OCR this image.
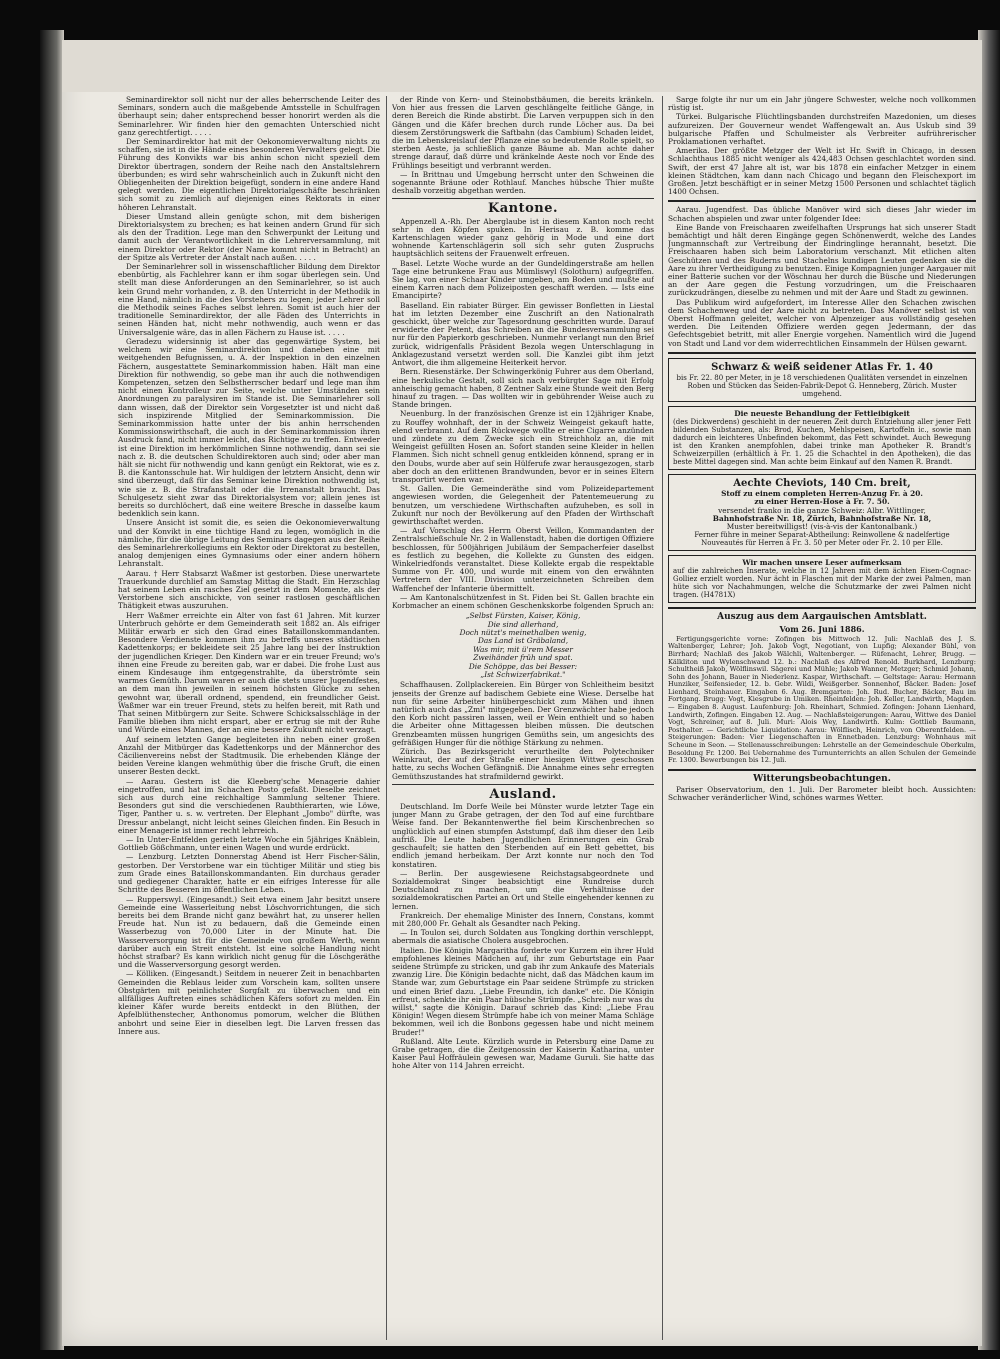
Seminardirektor soll nicht nur der alles beherrschende Leiter des Seminars, sondern auch die maßgebende Amtsstelle in Schulfragen überhaupt sein; daher entsprechend besser honorirt werden als die Seminarlehrer. Wir finden hier den gemachten Unterschied nicht ganz gerechtfertigt. . . . .

Der Seminardirektor hat mit der Oekonomieverwaltung nichts zu schaffen, sie ist in die Hände eines besonderen Verwalters gelegt. Die Führung des Konvikts war bis anhin schon nicht speziell dem Direktor übertragen, sondern der Reihe nach den Anstaltslehrern überbunden; es wird sehr wahrscheinlich auch in Zukunft nicht den Obliegenheiten der Direktion beigefügt, sondern in eine andere Hand gelegt werden. Die eigentlichen Direktorialgeschäfte beschränken sich somit zu ziemlich auf diejenigen eines Rektorats in einer höheren Lehranstalt.

Dieser Umstand allein genügte schon, mit dem bisherigen Direktorialsystem zu brechen; es hat keinen andern Grund für sich als den der Tradition. Lege man den Schwerpunkt der Leitung und damit auch der Verantwortlichkeit in die Lehrerversammlung, mit einem Direktor oder Rektor (der Name kommt nicht in Betracht) an der Spitze als Vertreter der Anstalt nach außen. . . . .

Der Seminarlehrer soll in wissenschaftlicher Bildung dem Direktor ebenbürtig, als Fachlehrer kann er ihm sogar überlegen sein. Und stellt man diese Anforderungen an den Seminarlehrer, so ist auch kein Grund mehr vorhanden, z. B. den Unterricht in der Methodik in eine Hand, nämlich in die des Vorstehers zu legen; jeder Lehrer soll die Methodik seines Faches selbst lehren. Somit ist auch hier der traditionelle Seminardirektor, der alle Fäden des Unterrichts in seinen Händen hat, nicht mehr nothwendig, auch wenn er das Universalgenie wäre, das in allen Fächern zu Hause ist. . . . .

Geradezu widersinnig ist aber das gegenwärtige System, bei welchem wir eine Seminardirektion und daneben eine mit weitgehenden Befugnissen, u. A. der Inspektion in den einzelnen Fächern, ausgestattete Seminarkommission haben. Hält man eine Direktion für nothwendig, so gebe man ihr auch die nothwendigen Kompetenzen, setzen den Selbstherrscher bedarf und lege man ihm nicht einen Kontrolleur zur Seite, welche unter Umständen sein Anordnungen zu paralysiren im Stande ist. Die Seminarlehrer soll dann wissen, daß der Direktor sein Vorgesetzter ist und nicht daß sich inspizirende Mitglied der Seminarkommission. Die Seminarkommission hatte unter der bis anhin herrschenden Kommissionswirthschaft, die auch in der Seminarkommission ihren Ausdruck fand, nicht immer leicht, das Richtige zu treffen. Entweder ist eine Direktion im herkömmlichen Sinne nothwendig, dann sei sie nach z. B. die deutschen Schuldirektoren auch sind; oder aber man hält sie nicht für nothwendig und kann genügt ein Rektorat, wie es z. B. die Kantonsschule hat. Wir huldigen der letztern Ansicht, denn wir sind überzeugt, daß für das Seminar keine Direktion nothwendig ist, wie sie z. B. die Strafanstalt oder die Irrenanstalt braucht. Das Schulgesetz sieht zwar das Direktorialsystem vor; allein jenes ist bereits so durchlöchert, daß eine weitere Bresche in dasselbe kaum bedenklich sein kann.

Unsere Ansicht ist somit die, es seien die Oekonomieverwaltung und der Konvikt in eine tüchtige Hand zu legen, womöglich in die nämliche, für die übrige Leitung des Seminars dagegen aus der Reihe des Seminarlehrerkollegiums ein Rektor oder Direktorat zu bestellen, analog demjenigen eines Gymnasiums oder einer andern höhern Lehranstalt.

Aarau. † Herr Stabsarzt Waßmer ist gestorben. Diese unerwartete Trauerkunde durchlief am Samstag Mittag die Stadt. Ein Herzschlag hat seinem Leben ein rasches Ziel gesetzt in dem Momente, als der Verstorbene sich anschickte, von seiner rastlosen geschäftlichen Thätigkeit etwas auszuruhen.

Herr Waßmer erreichte ein Alter von fast 61 Jahren. Mit kurzer Unterbruch gehörte er dem Gemeinderath seit 1882 an. Als eifriger Militär erwarb er sich den Grad eines Bataillonskommandanten. Besondere Verdienste kommen ihm zu betreffs unseres städtischen Kadettenkorps; er bekleidete seit 25 Jahre lang bei der Instruktion der jugendlichen Krieger. Den Kindern war er ein treuer Freund; wo's ihnen eine Freude zu bereiten gab, war er dabei. Die frohe Lust aus einem Kindesauge ihm entgegenstrahlte, da überströmte sein warmes Gemüth. Darum waren er auch die stets unsrer Jugendfestes, an dem man ihn jeweilen in seinem höchsten Glücke zu sehen gewohnt war, überall ordnend, spendend, ein freundlicher Geist. Waßmer war ein treuer Freund, stets zu helfen bereit, mit Rath und That seinen Mitbürgern zur Seite. Schwere Schicksalsschläge in der Familie blieben ihm nicht erspart, aber er ertrug sie mit der Ruhe und Würde eines Mannes, der an eine bessere Zukunft nicht verzagt.

Auf seinem letzten Gange begleiteten ihn neben einer großen Anzahl der Mitbürger das Kadettenkorps und der Männerchor des Cäcilienvereins nebst der Stadtmusik. Die erhebenden Klänge der beiden Vereine klangen wehmüthig über die frische Gruft, die einen unserer Besten deckt.

— Aarau. Gestern ist die Kleeberg'sche Menagerie dahier eingetroffen, und hat im Schachen Posto gefaßt. Dieselbe zeichnet sich aus durch eine reichhaltige Sammlung seltener Thiere. Besonders gut sind die verschiedenen Raubthierarten, wie Löwe, Tiger, Panther u. s. w. vertreten. Der Elephant „Jombo" dürfte, was Dressur anbelangt, nicht leicht seines Gleichen finden. Ein Besuch in einer Menagerie ist immer recht lehrreich.

— In Unter-Entfelden gerieth letzte Woche ein 5jähriges Knäblein, Gottlieb Gößchmann, unter einen Wagen und wurde erdrückt.

— Lenzburg. Letzten Donnerstag Abend ist Herr Fischer-Sälin, gestorben. Der Verstorbene war ein tüchtiger Militär und stieg bis zum Grade eines Bataillonskommandanten. Ein durchaus gerader und gediegener Charakter, hatte er ein eifriges Interesse für alle Schritte des Besseren im öffentlichen Leben.

— Rupperswyl. (Eingesandt.) Seit etwa einem Jahr besitzt unsere Gemeinde eine Wasserleitung nebst Löschvorrichtungen, die sich bereits bei dem Brande nicht ganz bewährt hat, zu unserer hellen Freude hat. Nun ist zu bedauern, daß die Gemeinde einen Wasserbezug von 70,000 Liter in der Minute hat. Die Wasserversorgung ist für die Gemeinde von großem Werth, wenn darüber auch ein Streit entsteht. Ist eine solche Handlung nicht höchst strafbar? Es kann wirklich nicht genug für die Löschgeräthe und die Wasserversorgung gesorgt werden.

— Kölliken. (Eingesandt.) Seitdem in neuerer Zeit in benachbarten Gemeinden die Reblaus leider zum Vorschein kam, sollten unsere Obstgärten mit peinlichster Sorgfalt zu überwachen und ein allfälliges Auftreten eines schädlichen Käfers sofort zu melden. Ein kleiner Käfer wurde bereits entdeckt in den Blüthen, der Apfelblüthenstecher, Anthonomus pomorum, welcher die Blüthen anbohrt und seine Eier in dieselben legt. Die Larven fressen das Innere aus.

der Rinde von Kern- und Steinobstbäumen, die bereits kränkeln. Von hier aus fressen die Larven geschlängelte feitliche Gänge, in deren Bereich die Rinde abstirbt. Die Larven verpuppen sich in den Gängen und die Käfer brechen durch runde Löcher aus. Da bei diesem Zerstörungswerk die Saftbahn (das Cambium) Schaden leidet, die im Lebenskreislauf der Pflanze eine so bedeutende Rolle spielt, so sterben Aeste, ja schließlich ganze Bäume ab. Man achte daher strenge darauf, daß dürre und kränkelnde Aeste noch vor Ende des Frühlings beseitigt und verbrannt werden.

— In Brittnau und Umgebung herrscht unter den Schweinen die sogenannte Bräune oder Rothlauf. Manches hübsche Thier mußte deshalb vorzeitig abgethan werden.

Kantone.

Appenzell A.-Rh. Der Aberglaube ist in diesem Kanton noch recht sehr in den Köpfen spuken. In Herisau z. B. komme das Kartenschlagen wieder ganz gehörig in Mode und eine dort wohnende Kartenschlägerin soll sich sehr guten Zuspruchs hauptsächlich seitens der Frauenwelt erfreuen.

Basel. Letzte Woche wurde an der Gundeldingerstraße am hellen Tage eine betrunkene Frau aus Mümliswyl (Solothurn) aufgegriffen. Sie lag, von einer Schaar Kinder umgeben, am Boden und mußte auf einem Karren nach dem Polizeiposten geschafft werden. — Ists eine Emancipirte?

Baselland. Ein rabiater Bürger. Ein gewisser Bonfletten in Liestal hat im letzten Dezember eine Zuschrift an den Nationalrath geschickt, über welche zur Tagesordnung geschritten wurde. Darauf erwiderte der Petent, das Schreiben an die Bundesversammlung sei nur für den Papierkorb geschrieben. Nunmehr verlangt nun den Brief zurück, widrigenfalls Präsident Bezola wegen Unterschlagung in Anklagezustand versetzt werden soll. Die Kanzlei gibt ihm jetzt Antwort, die ihm allgemeine Heiterkeit hervor.

Bern. Riesenstärke. Der Schwingerkönig Fuhrer aus dem Oberland, eine herkulische Gestalt, soll sich nach verbürgter Sage mit Erfolg anheischig gemacht haben, 8 Zentner Salz eine Stunde weit den Berg hinauf zu tragen. — Das wollten wir in gebührender Weise auch zu Stande bringen.

Neuenburg. In der französischen Grenze ist ein 12jähriger Knabe, zu Rouffey wohnhaft, der in der Schweiz Weingeist gekauft hatte, elend verbrannt. Auf dem Rückwege wollte er eine Cigarre anzünden und zündete zu dem Zwecke sich ein Streichholz an, die mit Weingeist gefüllten Hosen an. Sofort standen seine Kleider in hellen Flammen. Sich nicht schnell genug entkleiden könnend, sprang er in den Doubs, wurde aber auf sein Hülferufe zwar herausgezogen, starb aber doch an den erlittenen Brandwunden, bevor er in seines Eltern transportirt werden war.

St. Gallen. Die Gemeinderäthe sind vom Polizeidepartement angewiesen worden, die Gelegenheit der Patentemeuerung zu benutzen, um verschiedene Wirthschaften aufzuheben, es soll in Zukunft nur noch der Bevölkerung auf den Pfaden der Wirthschaft gewirthschaftet werden.

— Auf Vorschlag des Herrn Oberst Veillon, Kommandanten der Zentralschießschule Nr. 2 in Wallenstadt, haben die dortigen Offiziere beschlossen, für 500jährigen Jubiläum der Sempacherfeier daselbst es festlich zu begehen, die Kollekte zu Gunsten des eidgen. Winkelriedfonds veranstaltet. Diese Kollekte ergab die respektable Summe von Fr. 400, und wurde mit einem von den erwähnten Vertretern der VIII. Division unterzeichneten Schreiben dem Waffenchef der Infanterie übermittelt.

— Am Kantonalschützenfest in St. Fiden bei St. Gallen brachte ein Korbmacher an einem schönen Geschenkskorbe folgenden Spruch an:

„Selbst Fürsten, Kaiser, König,
Die sind allerhand,
Doch nützt's meinethalben wenig,
Das Land ist Gräbaland,
Was mir, mit ü'rem Messer
Zweihänder früh und spat.
Die Schöppe, das bei Besser:
„Ist Schwizerfabrikat."

Schaffhausen. Zollplackereien. Ein Bürger von Schleitheim besitzt jenseits der Grenze auf badischem Gebiete eine Wiese. Derselbe hat nun für seine Arbeiter hinübergeschickt zum Mähen und ihnen natürlich auch das „Zmi" mitgegeben. Der Grenzwächter habe jedoch den Korb nicht passiren lassen, weil er Wein enthielt und so haben die Arbeiter ohne Mittagessen bleiben müssen. Die deutschen Grenzbeamten müssen hungrigen Gemüths sein, um angesichts des gefräßigen Hunger für die nöthige Stärkung zu nehmen.

Zürich. Das Bezirksgericht verurtheilte den Polytechniker Weinkraut, der auf der Straße einer hiesigen Wittwe geschossen hatte, zu sechs Wochen Gefängniß. Die Annahme eines sehr erregten Gemüthszustandes hat strafmildernd gewirkt.

Ausland.

Deutschland. Im Dorfe Weile bei Münster wurde letzter Tage ein junger Mann zu Grabe getragen, der den Tod auf eine furchtbare Weise fand. Der Bekanntenwerthe fiel beim Kirschenbrechen so unglücklich auf einen stumpfen Aststumpf, daß ihm dieser den Leib aufriß. Die Leute haben Jugendlichen Erinnerungen ein Grab geschaufelt; sie hatten den Sterbenden auf ein Bett gebettet, bis endlich jemand herbeikam. Der Arzt konnte nur noch den Tod konstatiren.

— Berlin. Der ausgewiesene Reichstagsabgeordnete und Sozialdemokrat Singer beabsichtigt eine Rundreise durch Deutschland zu machen, um die Verhältnisse der sozialdemokratischen Partei an Ort und Stelle eingehender kennen zu lernen.

Frankreich. Der ehemalige Minister des Innern, Constans, kommt mit 280,000 Fr. Gehalt als Gesandter nach Peking.

— In Toulon sei, durch Soldaten aus Tongking dorthin verschleppt, abermals die asiatische Cholera ausgebrochen.

Italien. Die Königin Margaritha forderte vor Kurzem ein ihrer Huld empfohlenes kleines Mädchen auf, ihr zum Geburtstage ein Paar seidene Strümpfe zu stricken, und gab ihr zum Ankaufe des Materials zwanzig Lire. Die Königin bedachte nicht, daß das Mädchen kaum im Stande war, zum Geburtstage ein Paar seidene Strümpfe zu stricken und einen Brief dazu. „Liebe Freundin, ich danke" etc. Die Königin erfreut, schenkte ihr ein Paar hübsche Strümpfe. „Schreib nur was du willst," sagte die Königin. Darauf schrieb das Kind: „Liebe Frau Königin! Wegen diesem Strümpfe habe ich von meiner Mama Schläge bekommen, weil ich die Bonbons gegessen habe und nicht meinem Bruder!"

Rußland. Alte Leute. Kürzlich wurde in Petersburg eine Dame zu Grabe getragen, die die Zeitgenossin der Kaiserin Katharina, unter Kaiser Paul Hoffräulein gewesen war, Madame Guruli. Sie hatte das hohe Alter von 114 Jahren erreicht.

Sarge folgte ihr nur um ein Jahr jüngere Schwester, welche noch vollkommen rüstig ist.

Türkei. Bulgarische Flüchtlingsbanden durchstreifen Mazedonien, um dieses aufzureizen. Der Gouverneur wendet Waffengewalt an. Aus Uskub sind 39 bulgarische Pfaffen und Schulmeister als Verbreiter aufrührerischer Proklamationen verhaftet.

Amerika. Der größte Metzger der Welt ist Hr. Swift in Chicago, in dessen Schlachthaus 1885 nicht weniger als 424,483 Ochsen geschlachtet worden sind. Swift, der erst 47 Jahre alt ist, war bis 1878 ein einfacher Metzger in einem kleinen Städtchen, kam dann nach Chicago und begann den Fleischexport im Großen. Jetzt beschäftigt er in seiner Metzg 1500 Personen und schlachtet täglich 1400 Ochsen.

Aarau. Jugendfest. Das übliche Manöver wird sich dieses Jahr wieder im Schachen abspielen und zwar unter folgender Idee:

Eine Bande von Freischaaren zweifelhaften Ursprungs hat sich unserer Stadt bemächtigt und hält deren Eingänge gegen Schönenwerdt, welche des Landes Jungmannschaft zur Vertreibung der Eindringlinge herannaht, besetzt. Die Freischaaren haben sich beim Laboratorium verschanzt. Mit etlichen alten Geschützen und des Ruderns und Stachelns kundigen Leuten gedenken sie die Aare zu ihrer Vertheidigung zu benutzen. Einige Kompagnien junger Aargauer mit einer Batterie suchen vor der Wöschnau her durch die Büsche und Niederungen an der Aare gegen die Festung vorzudringen, um die Freischaaren zurückzudrängen, dieselbe zu nehmen und mit der Aare und Stadt zu gewinnen.

Das Publikum wird aufgefordert, im Interesse Aller den Schachen zwischen dem Schachenweg und der Aare nicht zu betreten. Das Manöver selbst ist von Oberst Hoffmann geleitet, welcher von Alpenzeiger aus vollständig gesehen werden. Die Leitenden Offiziere werden gegen Jedermann, der das Gefechtsgebiet betritt, mit aller Energie vorgehen. Namentlich wird die Jugend von Stadt und Land vor dem widerrechtlichen Einsammeln der Hülsen gewarnt.

Schwarz & weiß seidener Atlas Fr. 1. 40
bis Fr. 22. 80 per Meter, in je 18 verschiedenen Qualitäten versendet in einzelnen Roben und Stücken das Seiden-Fabrik-Depot G. Henneberg, Zürich. Muster umgehend.
Die neueste Behandlung der Fettleibigkeit
(des Dickwerdens) geschieht in der neueren Zeit durch Entziehung aller jener Fett bildenden Substanzen, als: Brod, Kuchen, Mehlspeisen, Kartoffeln ic., sowie man dadurch ein leichteres Unbefinden bekommt, das Fett schwindet. Auch Bewegung ist den Kranken anempfohlen, dabei trinke man Apotheker R. Brandt's Schweizerpillen (erhältlich à Fr. 1. 25 die Schachtel in den Apotheken), die das beste Mittel dagegen sind. Man achte beim Einkauf auf den Namen R. Brandt.
Aechte Cheviots, 140 Cm. breit,
Stoff zu einem completen Herren-Anzug Fr. à 20.
zu einer Herren-Hose à Fr. 7. 50.
versendet franko in die ganze Schweiz: Albr. Wittlinger,
Bahnhofstraße Nr. 18, Zürich, Bahnhofstraße Nr. 18,
Muster bereitwilligst! (vis-à-vis der Kantonalbank.)
Ferner führe in meiner Separat-Abtheilung: Reinwollene & nadelfertige Nouveautés für Herren à Fr. 3. 50 per Meter oder Fr. 2. 10 per Elle.
Wir machen unsere Leser aufmerksam
auf die zahlreichen Inserate, welche in 12 Jahren mit dem ächten Eisen-Cognac-Golliez erzielt worden. Nur ächt in Flaschen mit der Marke der zwei Palmen, man hüte sich vor Nachahmungen, welche die Schutzmarke der zwei Palmen nicht tragen. (H4781X)
Auszug aus dem Aargauischen Amtsblatt.
Vom 26. Juni 1886.

Fertigungsgerichte vorne: Zofingen bis Mittwoch 12. Juli: Nachlaß des J. S. Waltenberger, Lehrer; Joh. Jakob Vogt, Negotiant, von Lupfig; Alexander Bühl, von Birrhard; Nachlaß des Jakob Wälchli, Waltenberger. — Rüfenacht, Lehrer, Brugg. — Kälkliton und Wylenschwand 12. b.: Nachlaß des Alfred Renold. Burkhard, Lenzburg: Schultheiß Jakob, Wölflinswil. Sägerei und Mühle; Jakob Wanner, Metzger; Schmid Johann, Sohn des Johann, Bauer in Niederlenz. Kaspar, Wirthschaft. — Geltstage: Aarau: Hermann Hunziker, Seifensieder, 12. b. Gebr. Wildi, Weißgerber. Sonnenhof, Bäcker. Baden: Josef Lienhard, Steinhauer. Eingaben 6. Aug. Bremgarten: Joh. Rud. Bucher, Bäcker, Bau im Fortgang. Brugg: Vogt, Kiesgrube in Umiken. Rheinfelden: Joh. Keller, Landwirth, Magden. — Eingaben 8. August. Laufenburg: Joh. Rheinhart, Schmied. Zofingen: Johann Lienhard, Landwirth, Zofingen. Eingaben 12. Aug. — Nachlaßsteigerungen: Aarau, Wittwe des Daniel Vogt, Schreiner, auf 8. Juli. Muri: Alois Wey, Landwirth. Kulm: Gottlieb Baumann, Posthalter. — Gerichtliche Liquidation: Aarau: Wölflisch, Heinrich, von Oberentfelden. — Steigerungen: Baden: Vier Liegenschaften in Ennetbaden. Lenzburg: Wohnhaus mit Scheune in Seon. — Stellenausschreibungen: Lehrstelle an der Gemeindeschule Oberkulm, Besoldung Fr. 1200. Bei Uebernahme des Turnunterrichts an allen Schulen der Gemeinde Fr. 1300. Bewerbungen bis 12. Juli.

Witterungsbeobachtungen.

Pariser Observatorium, den 1. Juli. Der Barometer bleibt hoch. Aussichten: Schwacher veränderlicher Wind, schönes warmes Wetter.
